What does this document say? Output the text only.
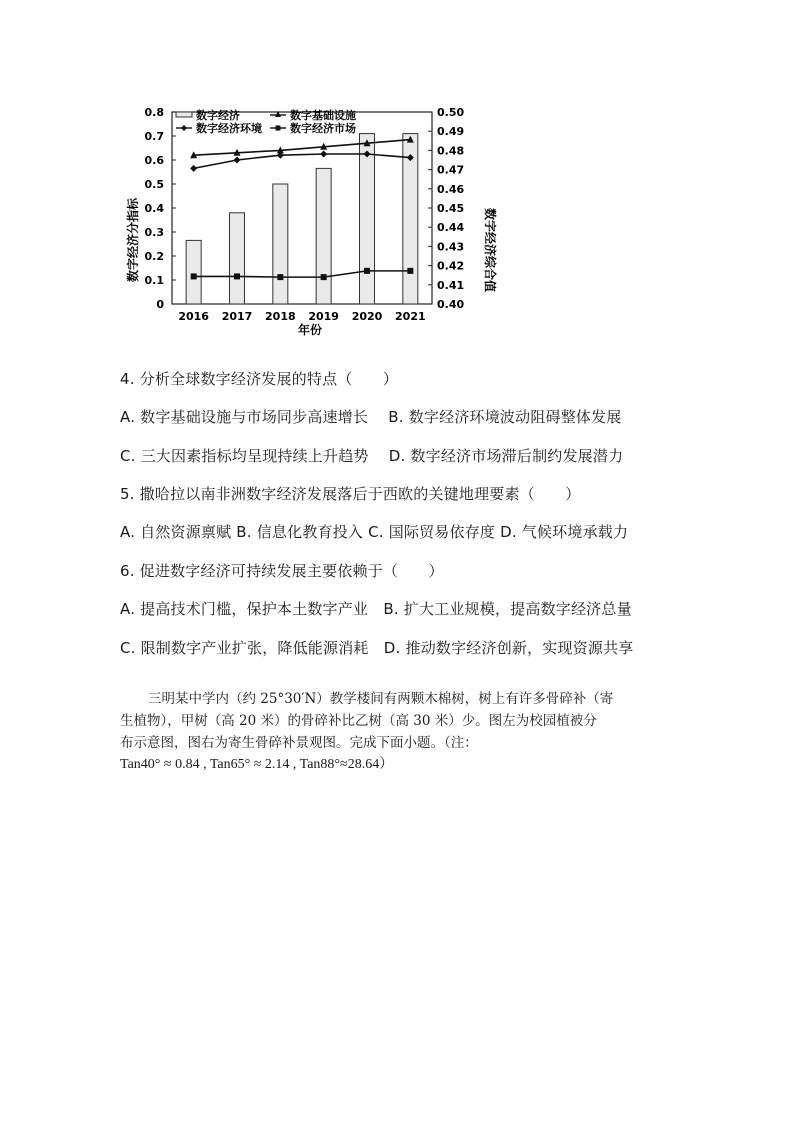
0
0.1
0.2
0.3
0.4
0.5
0.6
0.7
0.8
0.40
0.41
0.42
0.43
0.44
0.45
0.46
0.47
0.48
0.49
0.50
2016 2017 2018 2019 2020 2021
数字经济	数字基础设施
数字经济环境	数字经济市场
数字经济分指标	数字经济综合值
年份
4. 分析全球数字经济发展的特点（　　）
A. 数字基础设施与市场同步高速增长　 B. 数字经济环境波动阻碍整体发展
C. 三大因素指标均呈现持续上升趋势　 D. 数字经济市场滞后制约发展潜力
5. 撒哈拉以南非洲数字经济发展落后于西欧的关键地理要素（　　）
A. 自然资源禀赋 B. 信息化教育投入 C. 国际贸易依存度 D. 气候环境承载力
6. 促进数字经济可持续发展主要依赖于（　　）
A. 提高技术门槛，保护本土数字产业　B. 扩大工业规模，提高数字经济总量
C. 限制数字产业扩张，降低能源消耗　D. 推动数字经济创新，实现资源共享

三明某中学内（约 25°30′N）教学楼间有两颗木棉树，树上有许多骨碎补（寄

生植物），甲树（高 20 米）的骨碎补比乙树（高 30 米）少。图左为校园植被分

布示意图，图右为寄生骨碎补景观图。完成下面小题。（注：

Tan40° ≈ 0.84 , Tan65° ≈ 2.14 , Tan88°≈28.64）
